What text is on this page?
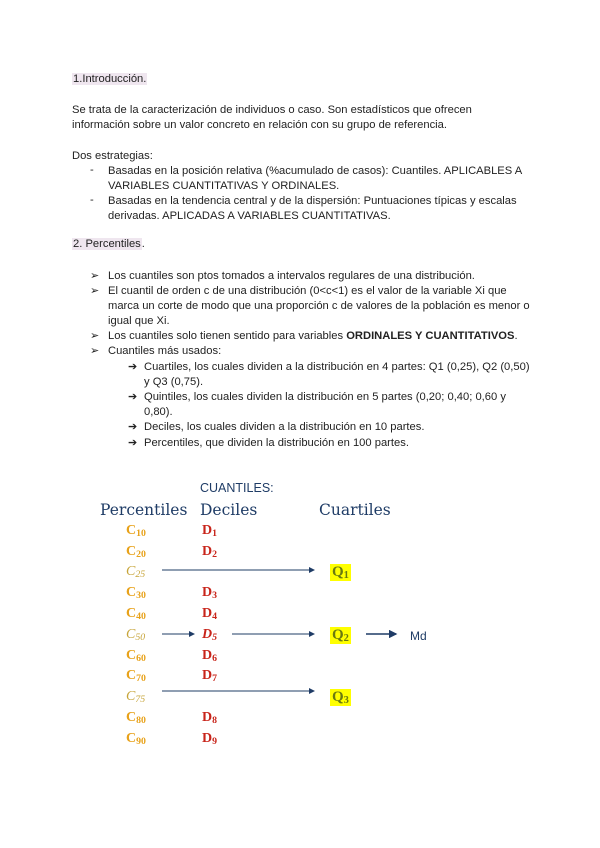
1.Introducción.
Se trata de la caracterización de individuos o caso. Son estadísticos que ofrecen
información sobre un valor concreto en relación con su grupo de referencia.
Dos estrategias:
- Basadas en la posición relativa (%acumulado de casos): Cuantiles. APLICABLES A
VARIABLES CUANTITATIVAS Y ORDINALES.
- Basadas en la tendencia central y de la dispersión: Puntuaciones típicas y escalas
derivadas. APLICADAS A VARIABLES CUANTITATIVAS.
2. Percentiles.
➢ Los cuantiles son ptos tomados a intervalos regulares de una distribución.
➢ El cuantil de orden c de una distribución (0<c<1) es el valor de la variable Xi que
marca un corte de modo que una proporción c de valores de la población es menor o
igual que Xi.
➢ Los cuantiles solo tienen sentido para variables ORDINALES Y CUANTITATIVOS.
➢ Cuantiles más usados:
➔ Cuartiles, los cuales dividen a la distribución en 4 partes: Q1 (0,25), Q2 (0,50)
y Q3 (0,75).
➔ Quintiles, los cuales dividen la distribución en 5 partes (0,20; 0,40; 0,60 y
0,80).
➔ Deciles, los cuales dividen a la distribución en 10 partes.
➔ Percentiles, que dividen la distribución en 100 partes.
CUANTILES:
Percentiles Deciles	Cuartiles
$C_{10}$
$C_{20}$
$C_{25}$
$C_{30}$
$C_{40}$
$C_{50}$
$C_{60}$
$C_{70}$
$C_{75}$
$C_{80}$
$C_{90}$
$D_1$
$D_2$
$D_3$
$D_4$
$D_5$
$D_6$
$D_7$
$D_8$
$D_9$
$Q_1$
$Q_2$
$Q_3$
Md
